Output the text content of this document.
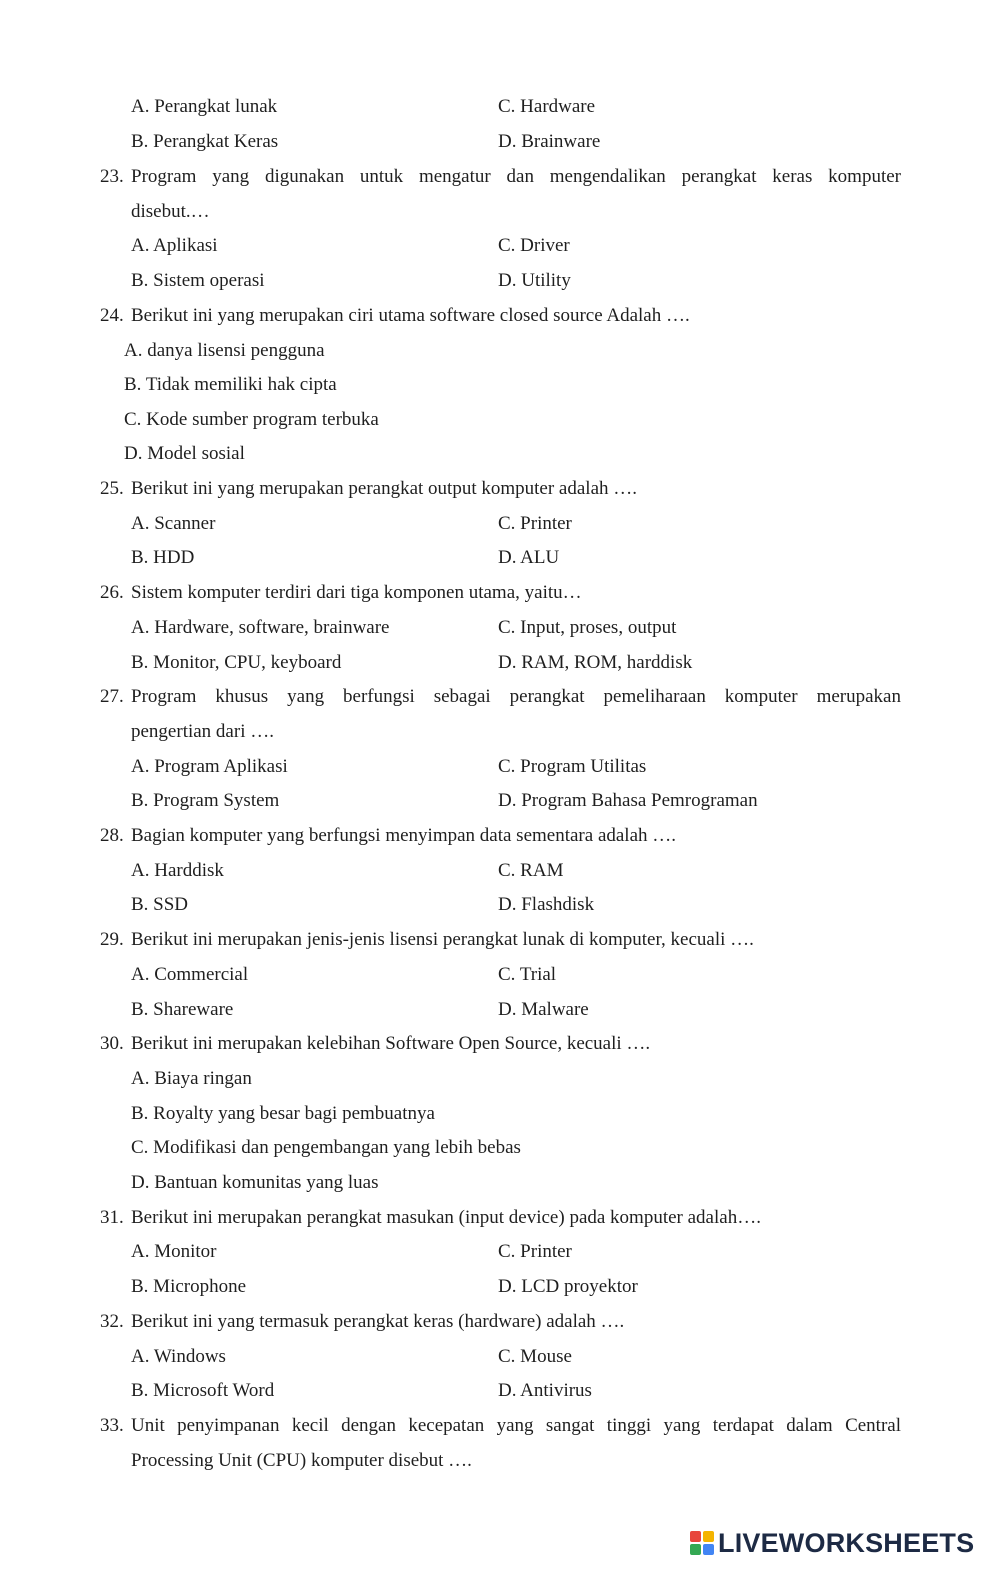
A. Perangkat lunak	C. Hardware
B. Perangkat Keras	D. Brainware
23. Program yang digunakan untuk mengatur dan mengendalikan perangkat keras komputer
disebut.…
A. Aplikasi	C. Driver
B. Sistem operasi	D. Utility
24. Berikut ini yang merupakan ciri utama software closed source Adalah ….
A. danya lisensi pengguna
B. Tidak memiliki hak cipta
C. Kode sumber program terbuka
D. Model sosial
25. Berikut ini yang merupakan perangkat output komputer adalah ….
A. Scanner	C. Printer
B. HDD	D. ALU
26. Sistem komputer terdiri dari tiga komponen utama, yaitu…
A. Hardware, software, brainware	C. Input, proses, output
B. Monitor, CPU, keyboard	D. RAM, ROM, harddisk
27. Program khusus yang berfungsi sebagai perangkat pemeliharaan komputer merupakan
pengertian dari ….
A. Program Aplikasi	C. Program Utilitas
B. Program System	D. Program Bahasa Pemrograman
28. Bagian komputer yang berfungsi menyimpan data sementara adalah ….
A. Harddisk	C. RAM
B. SSD	D. Flashdisk
29. Berikut ini merupakan jenis-jenis lisensi perangkat lunak di komputer, kecuali ….
A. Commercial	C. Trial
B. Shareware	D. Malware
30. Berikut ini merupakan kelebihan Software Open Source, kecuali ….
A. Biaya ringan
B. Royalty yang besar bagi pembuatnya
C. Modifikasi dan pengembangan yang lebih bebas
D. Bantuan komunitas yang luas
31. Berikut ini merupakan perangkat masukan (input device) pada komputer adalah….
A. Monitor	C. Printer
B. Microphone	D. LCD proyektor
32. Berikut ini yang termasuk perangkat keras (hardware) adalah ….
A. Windows	C. Mouse
B. Microsoft Word	D. Antivirus
33. Unit penyimpanan kecil dengan kecepatan yang sangat tinggi yang terdapat dalam Central
Processing Unit (CPU) komputer disebut ….
LIVEWORKSHEETS
